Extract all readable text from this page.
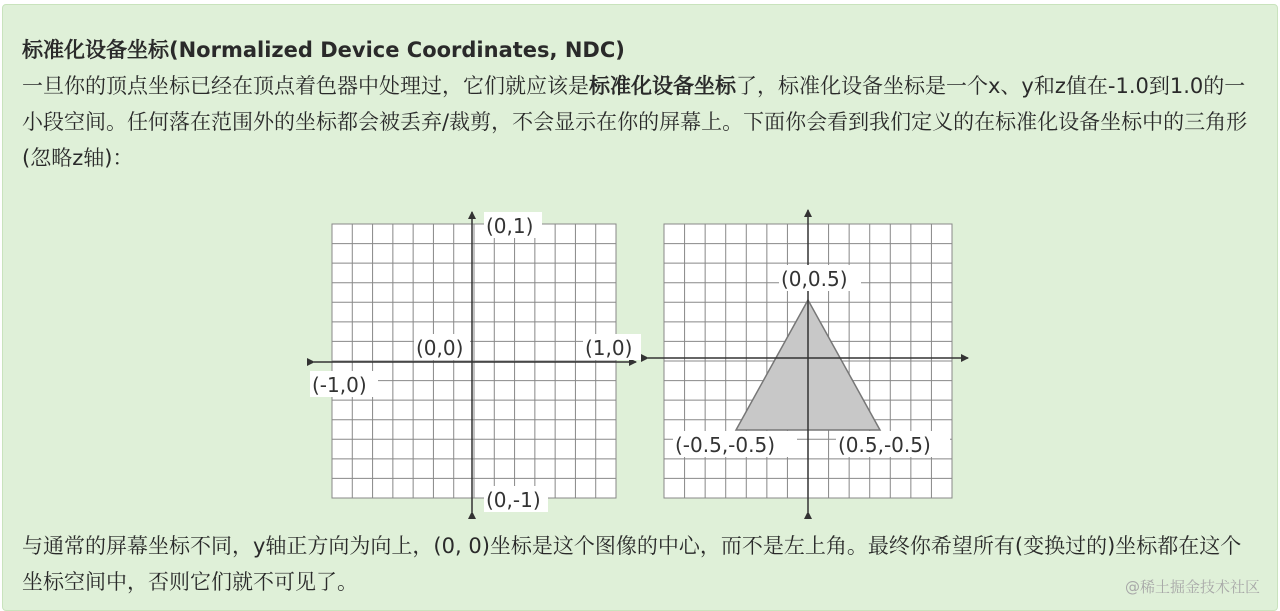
标准化设备坐标(Normalized Device Coordinates, NDC)
一旦你的顶点坐标已经在顶点着色器中处理过，它们就应该是标准化设备坐标了，标准化设备坐标是一个x、y和z值在-1.0到1.0的一小段空间。任何落在范围外的坐标都会被丢弃/裁剪，不会显示在你的屏幕上。下面你会看到我们定义的在标准化设备坐标中的三角形(忽略z轴)：
(0,1)
(0,0)	(1,0)
(-1,0)
(0,-1)
(0,0.5)
(-0.5,-0.5)	(0.5,-0.5)
与通常的屏幕坐标不同，y轴正方向为向上，(0, 0)坐标是这个图像的中心，而不是左上角。最终你希望所有(变换过的)坐标都在这个坐标空间中，否则它们就不可见了。	@稀土掘金技术社区
